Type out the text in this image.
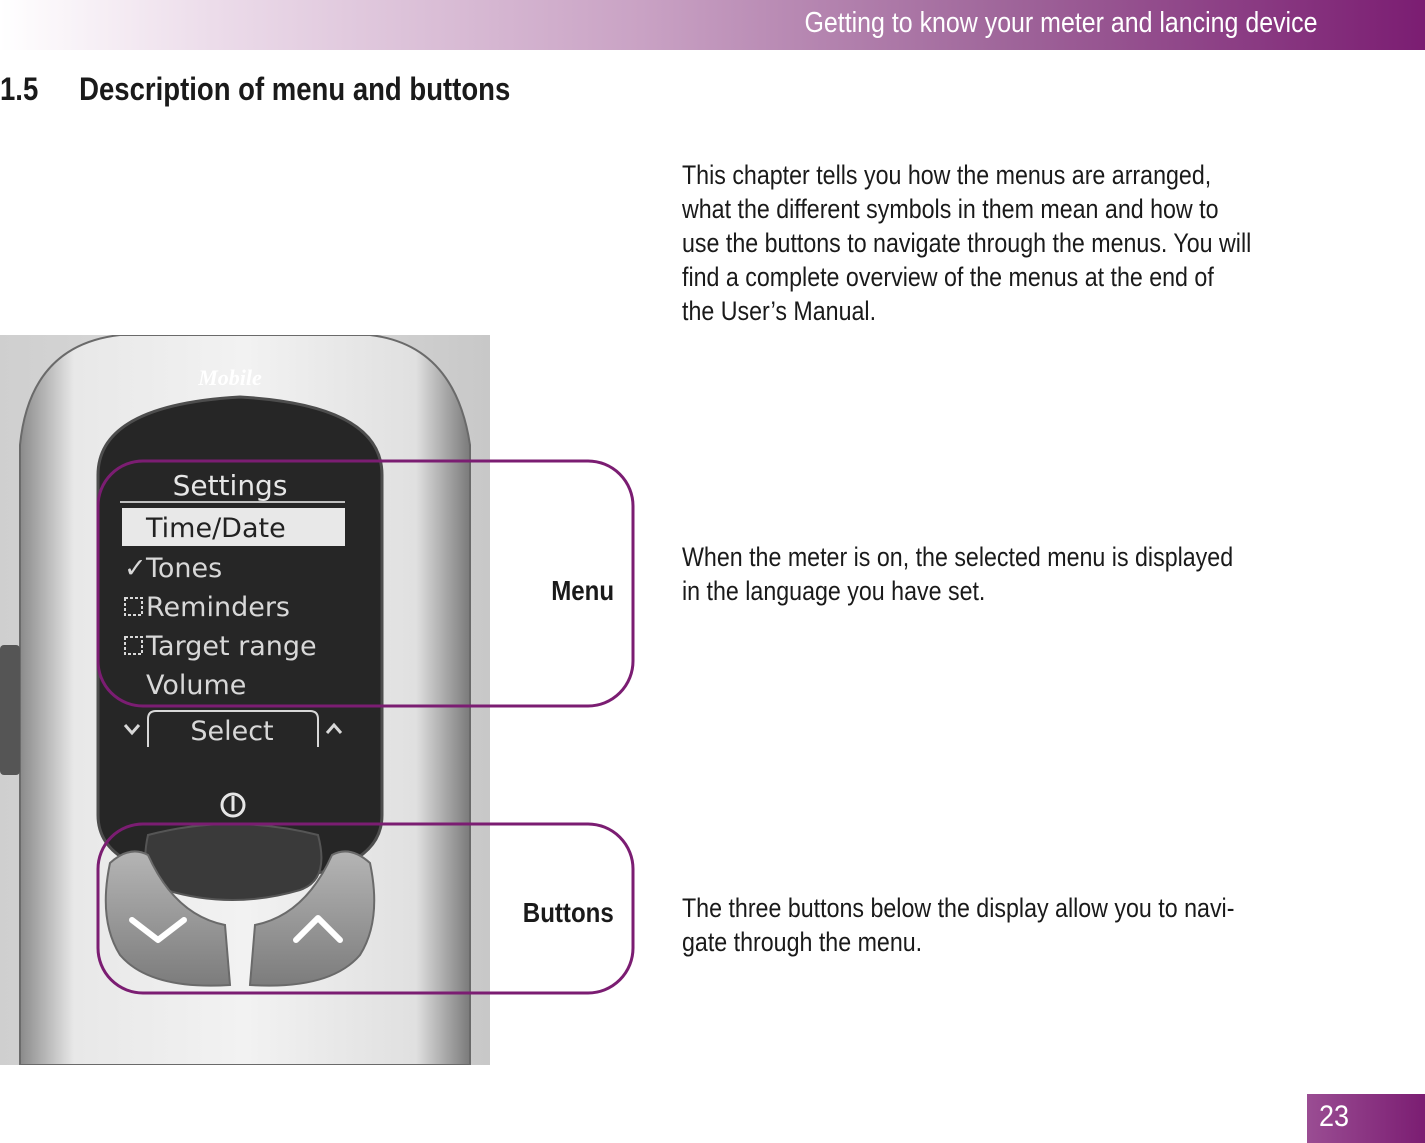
Getting to know your meter and lancing device
1.5 Description of menu and buttons
This chapter tells you how the menus are arranged,
what the different symbols in them mean and how to
use the buttons to navigate through the menus. You will
find a complete overview of the menus at the end of
the User’s Manual.
When the meter is on, the selected menu is displayed
in the language you have set.
The three buttons below the display allow you to navi-
gate through the menu.
Mobile
Settings
Time/Date
✓ Tones
Reminders
Target range
Volume
Select
Menu
Buttons
23
